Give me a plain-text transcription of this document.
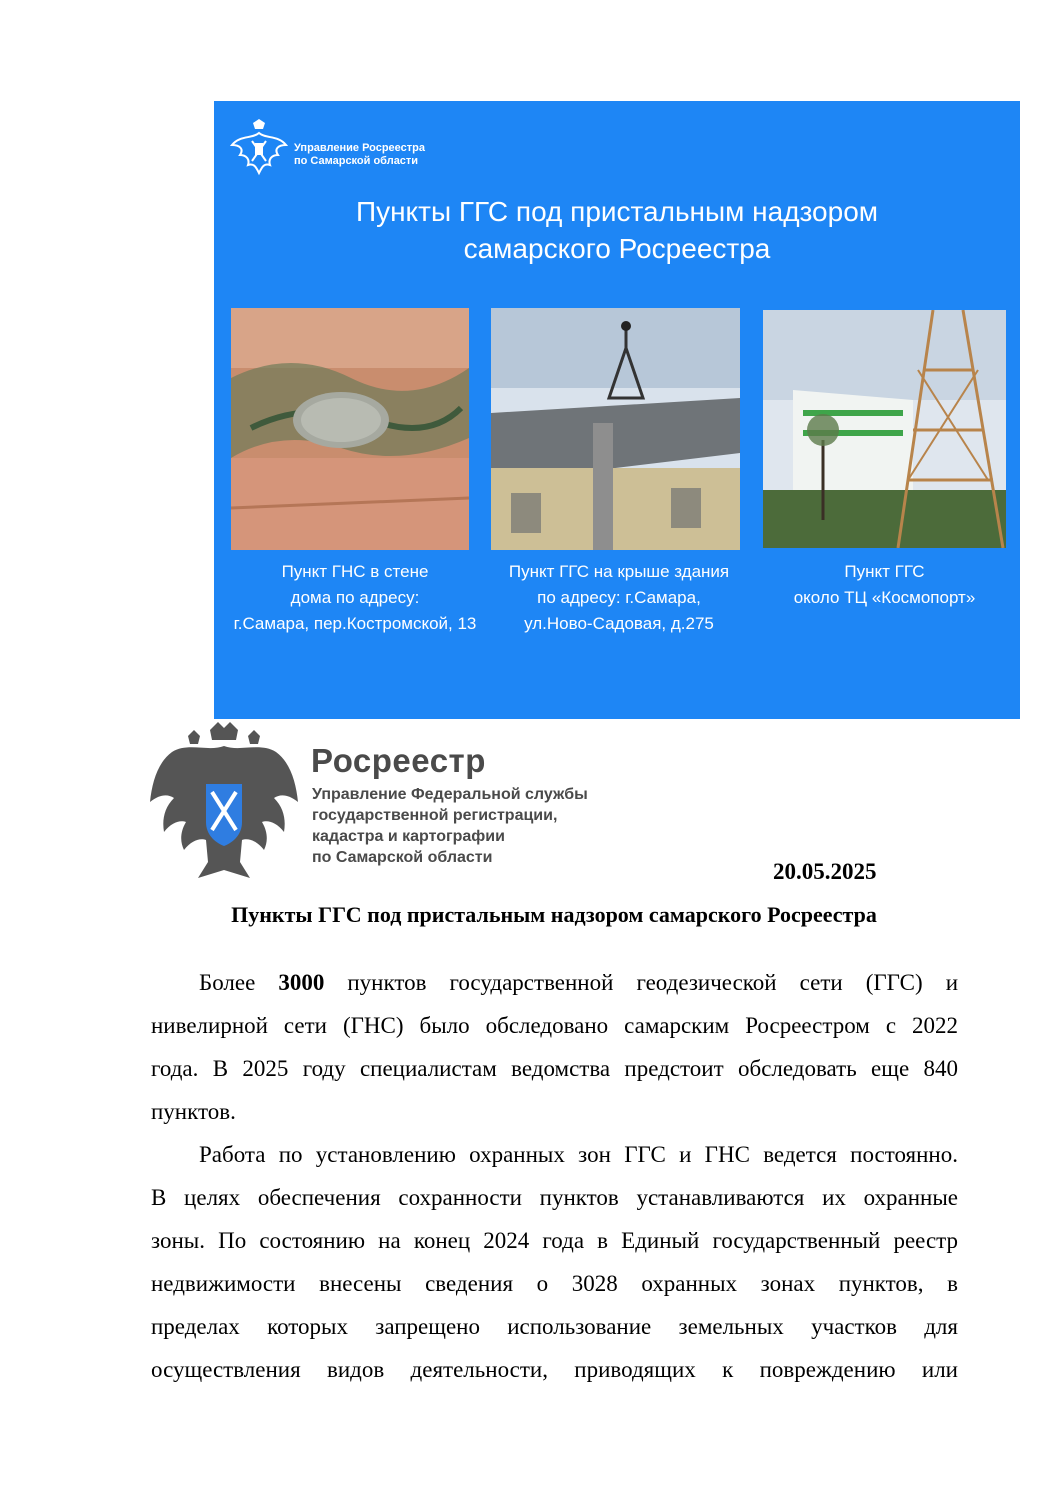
Управление Росреестра
по Самарской области
Пункты ГГС под пристальным надзором
самарского Росреестра
Пункт ГНС в стене
дома по адресу:
г.Самара, пер.Костромской, 13
Пункт ГГС на крыше здания
по адресу: г.Самара,
ул.Ново-Садовая, д.275
Пункт ГГС
около ТЦ «Космопорт»
Росреестр
Управление Федеральной службы
государственной регистрации,
кадастра и картографии
по Самарской области
20.05.2025
Пункты ГГС под пристальным надзором самарского Росреестра
Более 3000 пунктов государственной геодезической сети (ГГС) и
нивелирной сети (ГНС) было обследовано самарским Росреестром с 2022
года. В 2025 году специалистам ведомства предстоит обследовать еще 840
пунктов.
Работа по установлению охранных зон ГГС и ГНС ведется постоянно.
В целях обеспечения сохранности пунктов устанавливаются их охранные
зоны. По состоянию на конец 2024 года в Единый государственный реестр
недвижимости внесены сведения о 3028 охранных зонах пунктов, в
пределах которых запрещено использование земельных участков для
осуществления видов деятельности, приводящих к повреждению или
